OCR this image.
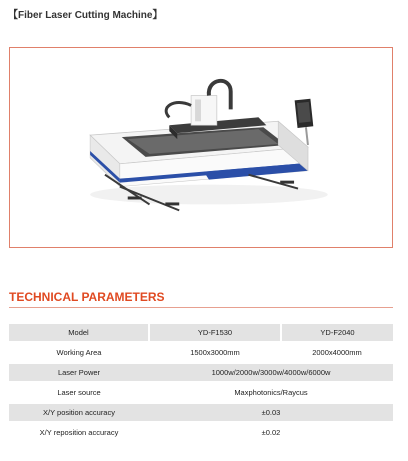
【Fiber Laser Cutting Machine】
TECHNICAL PARAMETERS
Model	YD-F1530	YD-F2040
Working Area	1500x3000mm	2000x4000mm
Laser Power	1000w/2000w/3000w/4000w/6000w	
Laser source	Maxphotonics/Raycus	
X/Y position accuracy	±0.03	
X/Y reposition accuracy	±0.02	
